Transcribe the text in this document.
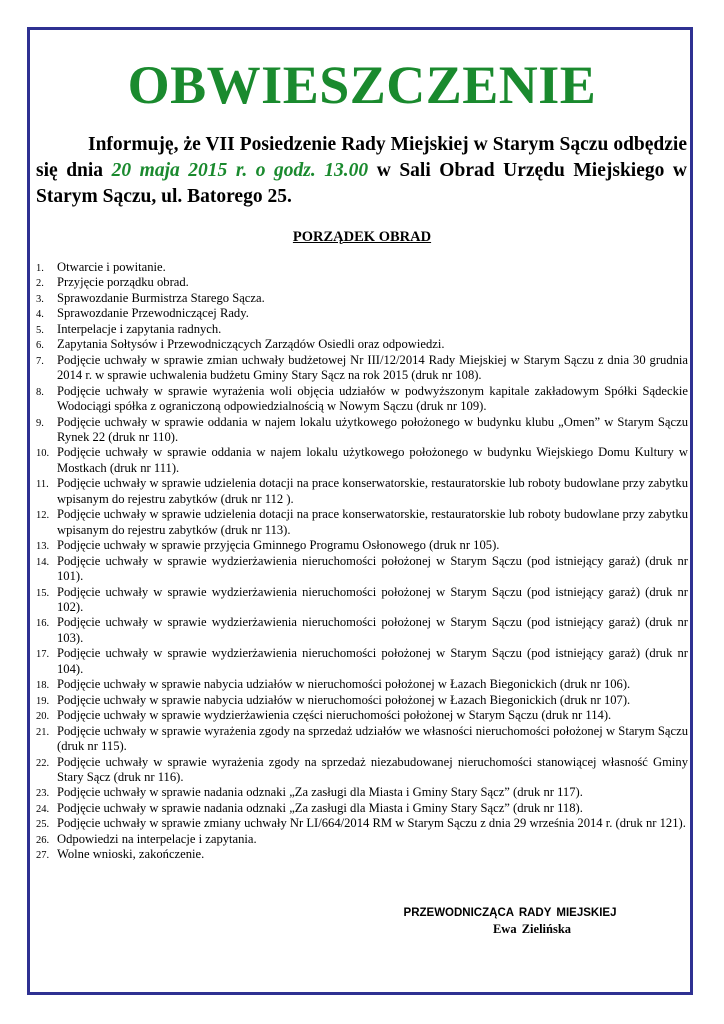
OBWIESZCZENIE

Informuję, że VII Posiedzenie Rady Miejskiej w Starym Sączu odbędzie się dnia 20 maja 2015 r. o godz. 13.00 w Sali Obrad Urzędu Miejskiego w Starym Sączu, ul. Batorego 25.

PORZĄDEK OBRAD
1. Otwarcie i powitanie.
2. Przyjęcie porządku obrad.
3. Sprawozdanie Burmistrza Starego Sącza.
4. Sprawozdanie Przewodniczącej Rady.
5. Interpelacje i zapytania radnych.
6. Zapytania Sołtysów i Przewodniczących Zarządów Osiedli oraz odpowiedzi.
7. Podjęcie uchwały w sprawie zmian uchwały budżetowej Nr III/12/2014 Rady Miejskiej w Starym Sączu z dnia 30 grudnia 2014 r. w sprawie uchwalenia budżetu Gminy Stary Sącz na rok 2015 (druk nr 108).
8. Podjęcie uchwały w sprawie wyrażenia woli objęcia udziałów w podwyższonym kapitale zakładowym Spółki Sądeckie Wodociągi spółka z ograniczoną odpowiedzialnością w Nowym Sączu (druk nr 109).
9. Podjęcie uchwały w sprawie oddania w najem lokalu użytkowego położonego w budynku klubu „Omen” w Starym Sączu Rynek 22 (druk nr 110).
10. Podjęcie uchwały w sprawie oddania w najem lokalu użytkowego położonego w budynku Wiejskiego Domu Kultury w Mostkach (druk nr 111).
11. Podjęcie uchwały w sprawie udzielenia dotacji na prace konserwatorskie, restauratorskie lub roboty budowlane przy zabytku wpisanym do rejestru zabytków (druk nr 112 ).
12. Podjęcie uchwały w sprawie udzielenia dotacji na prace konserwatorskie, restauratorskie lub roboty budowlane przy zabytku wpisanym do rejestru zabytków (druk nr 113).
13. Podjęcie uchwały w sprawie przyjęcia Gminnego Programu Osłonowego (druk nr 105).
14. Podjęcie uchwały w sprawie wydzierżawienia nieruchomości położonej w Starym Sączu (pod istniejący garaż) (druk nr 101).
15. Podjęcie uchwały w sprawie wydzierżawienia nieruchomości położonej w Starym Sączu (pod istniejący garaż) (druk nr 102).
16. Podjęcie uchwały w sprawie wydzierżawienia nieruchomości położonej w Starym Sączu (pod istniejący garaż) (druk nr 103).
17. Podjęcie uchwały w sprawie wydzierżawienia nieruchomości położonej w Starym Sączu (pod istniejący garaż) (druk nr 104).
18. Podjęcie uchwały w sprawie nabycia udziałów w nieruchomości położonej w Łazach Biegonickich (druk nr 106).
19. Podjęcie uchwały w sprawie nabycia udziałów w nieruchomości położonej w Łazach Biegonickich (druk nr 107).
20. Podjęcie uchwały w sprawie wydzierżawienia części nieruchomości położonej w Starym Sączu (druk nr 114).
21. Podjęcie uchwały w sprawie wyrażenia zgody na sprzedaż udziałów we własności nieruchomości położonej w Starym Sączu (druk nr 115).
22. Podjęcie uchwały w sprawie wyrażenia zgody na sprzedaż niezabudowanej nieruchomości stanowiącej własność Gminy Stary Sącz (druk nr 116).
23. Podjęcie uchwały w sprawie nadania odznaki „Za zasługi dla Miasta i Gminy Stary Sącz” (druk nr 117).
24. Podjęcie uchwały w sprawie nadania odznaki „Za zasługi dla Miasta i Gminy Stary Sącz” (druk nr 118).
25. Podjęcie uchwały w sprawie zmiany uchwały Nr LI/664/2014 RM w Starym Sączu z dnia 29 września 2014 r. (druk nr 121).
26. Odpowiedzi na interpelacje i zapytania.
27. Wolne wnioski, zakończenie.

PRZEWODNICZĄCA RADY MIEJSKIEJ

Ewa Zielińska
